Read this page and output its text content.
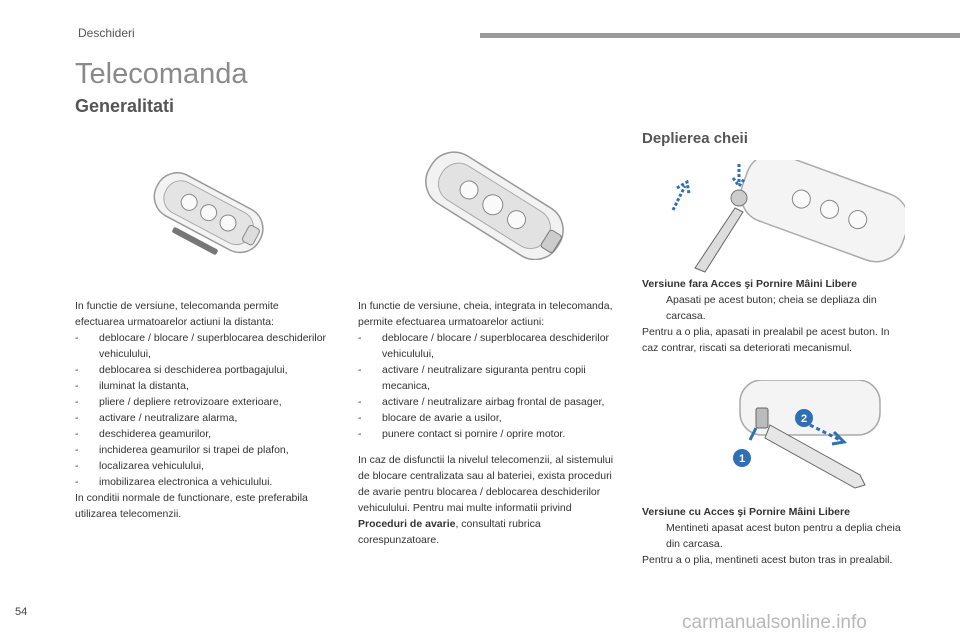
Deschideri
Telecomanda
Generalitati
Deplierea cheii
1
2

In functie de versiune, telecomanda permite efectuarea urmatoarelor actiuni la distanta:

- deblocare / blocare / superblocarea deschiderilor vehiculului,
- deblocarea si deschiderea portbagajului,
- iluminat la distanta,
- pliere / depliere retrovizoare exterioare,
- activare / neutralizare alarma,
- deschiderea geamurilor,
- inchiderea geamurilor si trapei de plafon,
- localizarea vehiculului,
- imobilizarea electronica a vehiculului.

In conditii normale de functionare, este preferabila utilizarea telecomenzii.

In functie de versiune, cheia, integrata in telecomanda, permite efectuarea urmatoarelor actiuni:

- deblocare / blocare / superblocarea deschiderilor vehiculului,
- activare / neutralizare siguranta pentru copii mecanica,
- activare / neutralizare airbag frontal de pasager,
- blocare de avarie a usilor,
- punere contact si pornire / oprire motor.

In caz de disfunctii la nivelul telecomenzii, al sistemului de blocare centralizata sau al bateriei, exista proceduri de avarie pentru blocarea / deblocarea deschiderilor vehiculului. Pentru mai multe informatii privind Proceduri de avarie, consultati rubrica corespunzatoare.

Versiune fara Acces şi Pornire Mâini Libere

Apasati pe acest buton; cheia se depliaza din carcasa.

Pentru a o plia, apasati in prealabil pe acest buton. In caz contrar, riscati sa deteriorati mecanismul.

Versiune cu Acces şi Pornire Mâini Libere

Mentineti apasat acest buton pentru a deplia cheia din carcasa.

Pentru a o plia, mentineti acest buton tras in prealabil.

54	carmanualsonline.info
